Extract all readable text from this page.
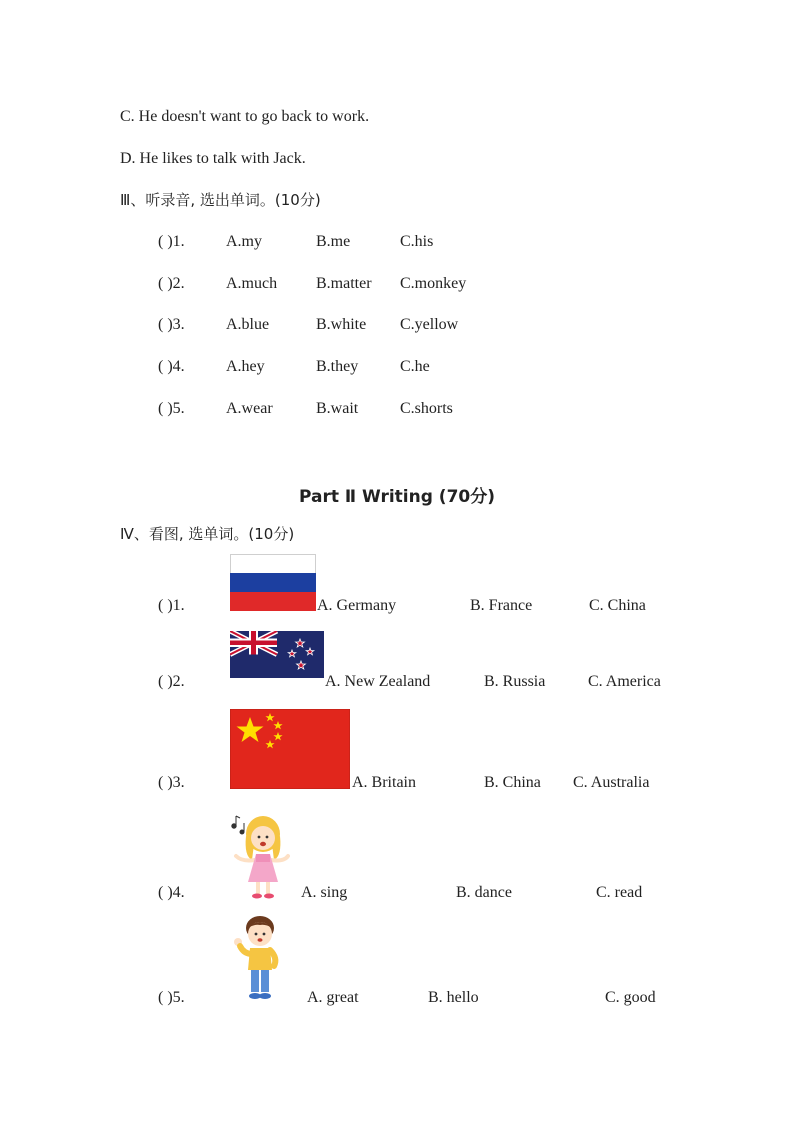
C. He doesn't want to go back to work.
D. He likes to talk with Jack.
Ⅲ、听录音, 选出单词。(10分)
( )1.	A.my	B.me	C.his
( )2.	A.much B.matter C.monkey
( )3.	A.blue	B.white C.yellow
( )4.	A.hey	B.they	C.he
( )5.	A.wear	B.wait	C.shorts
Part Ⅱ Writing (70分)
Ⅳ、看图, 选单词。(10分)
( )1.	A. Germany	B. France	C. China
( )2.	A. New Zealand	B. Russia	C. America
( )3.	A. Britain	B. China C. Australia
( )4.	A. sing	B. dance	C. read
( )5.	A. great	B. hello	C. good
